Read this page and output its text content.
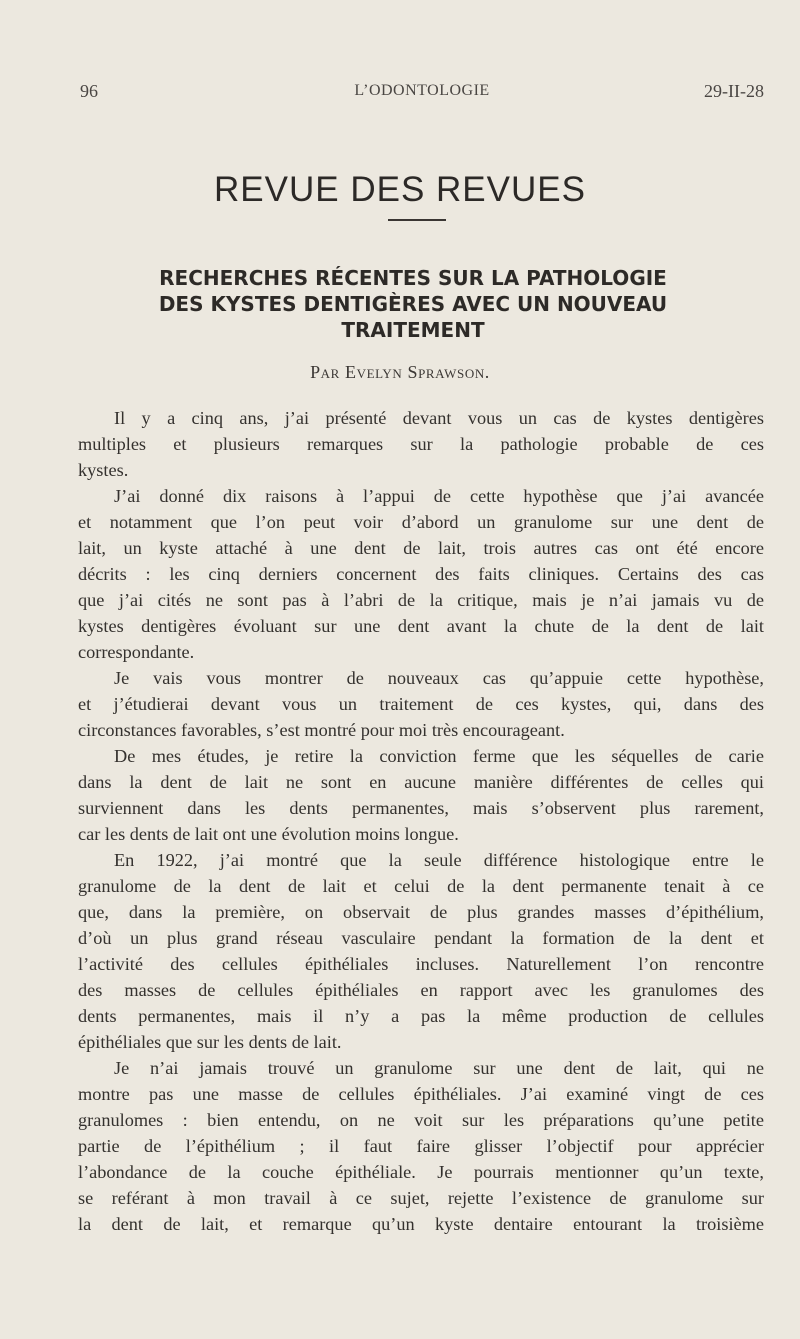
96	L’ODONTOLOGIE	29-II-28
REVUE DES REVUES
RECHERCHES RÉCENTES SUR LA PATHOLOGIE
DES KYSTES DENTIGÈRES AVEC UN NOUVEAU
TRAITEMENT
Par Evelyn Sprawson.
Il y a cinq ans, j’ai présenté devant vous un cas de kystes dentigères
multiples et plusieurs remarques sur la pathologie probable de ces
kystes.
J’ai donné dix raisons à l’appui de cette hypothèse que j’ai avancée
et notamment que l’on peut voir d’abord un granulome sur une dent de
lait, un kyste attaché à une dent de lait, trois autres cas ont été encore
décrits : les cinq derniers concernent des faits cliniques. Certains des cas
que j’ai cités ne sont pas à l’abri de la critique, mais je n’ai jamais vu de
kystes dentigères évoluant sur une dent avant la chute de la dent de lait
correspondante.
Je vais vous montrer de nouveaux cas qu’appuie cette hypothèse,
et j’étudierai devant vous un traitement de ces kystes, qui, dans des
circonstances favorables, s’est montré pour moi très encourageant.
De mes études, je retire la conviction ferme que les séquelles de carie
dans la dent de lait ne sont en aucune manière différentes de celles qui
surviennent dans les dents permanentes, mais s’observent plus rarement,
car les dents de lait ont une évolution moins longue.
En 1922, j’ai montré que la seule différence histologique entre le
granulome de la dent de lait et celui de la dent permanente tenait à ce
que, dans la première, on observait de plus grandes masses d’épithélium,
d’où un plus grand réseau vasculaire pendant la formation de la dent et
l’activité des cellules épithéliales incluses. Naturellement l’on rencontre
des masses de cellules épithéliales en rapport avec les granulomes des
dents permanentes, mais il n’y a pas la même production de cellules
épithéliales que sur les dents de lait.
Je n’ai jamais trouvé un granulome sur une dent de lait, qui ne
montre pas une masse de cellules épithéliales. J’ai examiné vingt de ces
granulomes : bien entendu, on ne voit sur les préparations qu’une petite
partie de l’épithélium ; il faut faire glisser l’objectif pour apprécier
l’abondance de la couche épithéliale. Je pourrais mentionner qu’un texte,
se reférant à mon travail à ce sujet, rejette l’existence de granulome sur
la dent de lait, et remarque qu’un kyste dentaire entourant la troisième
